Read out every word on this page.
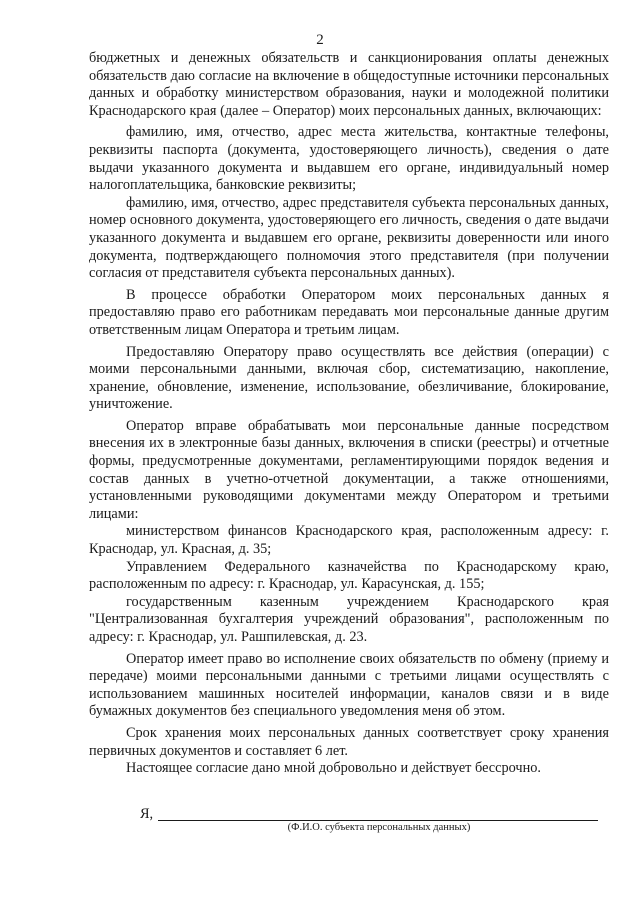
2

бюджетных и денежных обязательств и санкционирования оплаты денежных обязательств даю согласие на включение в общедоступные источники персональных данных и обработку министерством образования, науки и молодежной политики Краснодарского края (далее – Оператор) моих персональных данных, включающих:

фамилию, имя, отчество, адрес места жительства, контактные телефоны, реквизиты паспорта (документа, удостоверяющего личность), сведения о дате выдачи указанного документа и выдавшем его органе, индивидуальный номер налогоплательщика, банковские реквизиты;

фамилию, имя, отчество, адрес представителя субъекта персональных данных, номер основного документа, удостоверяющего его личность, сведения о дате выдачи указанного документа и выдавшем его органе, реквизиты доверенности или иного документа, подтверждающего полномочия этого представителя (при получении согласия от представителя субъекта персональных данных).

В процессе обработки Оператором моих персональных данных я предоставляю право его работникам передавать мои персональные данные другим ответственным лицам Оператора и третьим лицам.

Предоставляю Оператору право осуществлять все действия (операции) с моими персональными данными, включая сбор, систематизацию, накопление, хранение, обновление, изменение, использование, обезличивание, блокирование, уничтожение.

Оператор вправе обрабатывать мои персональные данные посредством внесения их в электронные базы данных, включения в списки (реестры) и отчетные формы, предусмотренные документами, регламентирующими порядок ведения и состав данных в учетно-отчетной документации, а также отношениями, установленными руководящими документами между Оператором и третьими лицами:

министерством финансов Краснодарского края, расположенным адресу: г. Краснодар, ул. Красная, д. 35;

Управлением Федерального казначейства по Краснодарскому краю, расположенным по адресу: г. Краснодар, ул. Карасунская, д. 155;

государственным казенным учреждением Краснодарского края "Централизованная бухгалтерия учреждений образования", расположенным по адресу: г. Краснодар, ул. Рашпилевская, д. 23.

Оператор имеет право во исполнение своих обязательств по обмену (приему и передаче) моими персональными данными с третьими лицами осуществлять с использованием машинных носителей информации, каналов связи и в виде бумажных документов без специального уведомления меня об этом.

Срок хранения моих персональных данных соответствует сроку хранения первичных документов и составляет 6 лет.

Настоящее согласие дано мной добровольно и действует бессрочно.

Я,
(Ф.И.О. субъекта персональных данных)
